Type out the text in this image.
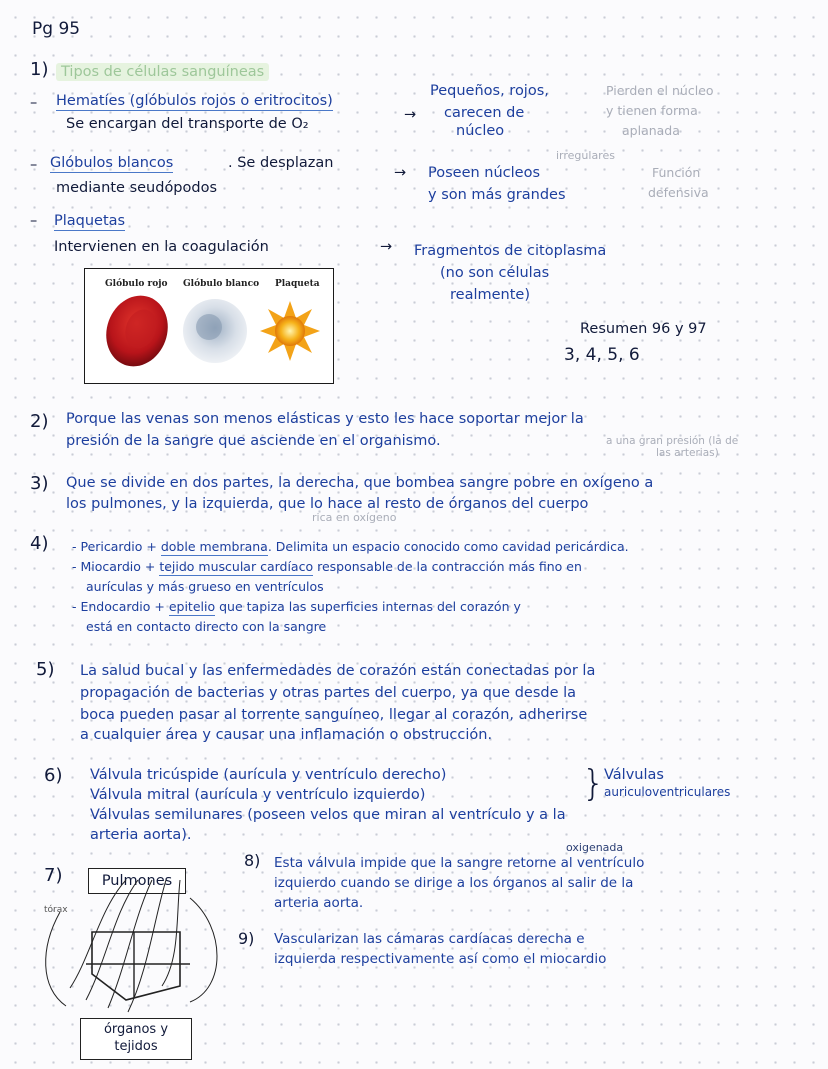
Pg 95
1) Tipos de células sanguíneas
– Hematíes (glóbulos rojos o eritrocitos)
Se encargan del transporte de O₂
→
Pequeños, rojos,
carecen de
núcleo
Pierden el núcleo
y tienen forma
aplanada
– Glóbulos blancos	. Se desplazan
mediante seudópodos
irregulares
→ Poseen núcleos
y son más grandes
Función
defensiva
– Plaquetas
Intervienen en la coagulación	→ Fragmentos de citoplasma
(no son células
realmente)
Glóbulo rojo Glóbulo blanco Plaqueta
Resumen 96 y 97
3, 4, 5, 6
2) Porque las venas son menos elásticas y esto les hace soportar mejor la
presión de la sangre que asciende en el organismo.	a una gran presión (la de
las arterias)
3) Que se divide en dos partes, la derecha, que bombea sangre pobre en oxígeno a
los pulmones, y la izquierda, que lo hace al resto de órganos del cuerpo
rica en oxígeno
4) - Pericardio + doble membrana. Delimita un espacio conocido como cavidad pericárdica.
- Miocardio + tejido muscular cardíaco responsable de la contracción más fino en
aurículas y más grueso en ventrículos
- Endocardio + epitelio que tapiza las superficies internas del corazón y
está en contacto directo con la sangre
5) La salud bucal y las enfermedades de corazón están conectadas por la
propagación de bacterias y otras partes del cuerpo, ya que desde la
boca pueden pasar al torrente sanguíneo, llegar al corazón, adherirse
a cualquier área y causar una inflamación o obstrucción.
6) Válvula tricúspide (aurícula y ventrículo derecho)
Válvula mitral (aurícula y ventrículo izquierdo)	} Válvulas
auriculoventriculares
Válvulas semilunares (poseen velos que miran al ventrículo y a la
arteria aorta).
7)	Pulmones
tórax
órganos y
tejidos
oxigenada
8) Esta válvula impide que la sangre retorne al ventrículo
izquierdo cuando se dirige a los órganos al salir de la
arteria aorta.
9) Vascularizan las cámaras cardíacas derecha e
izquierda respectivamente así como el miocardio
